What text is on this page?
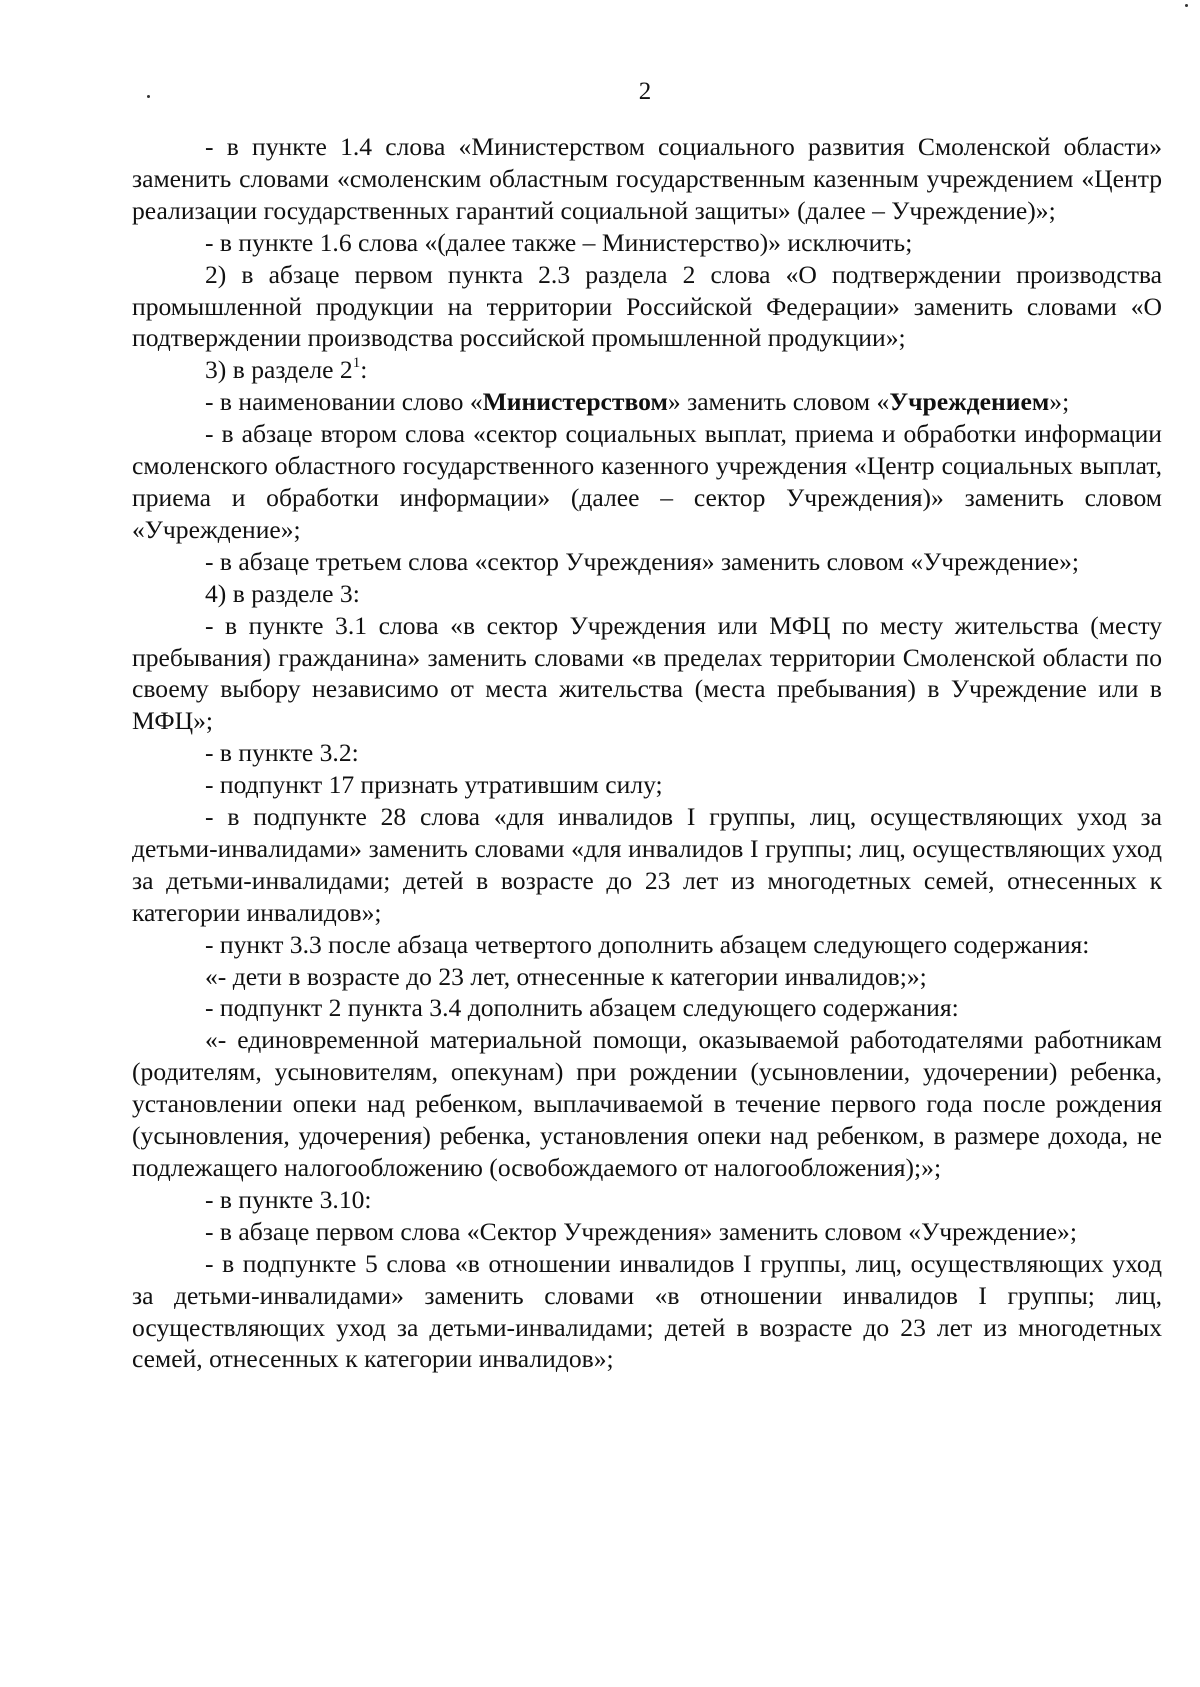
2

- в пункте 1.4 слова «Министерством социального развития Смоленской области» заменить словами «смоленским областным государственным казенным учреждением «Центр реализации государственных гарантий социальной защиты» (далее – Учреждение)»;

- в пункте 1.6 слова «(далее также – Министерство)» исключить;

2) в абзаце первом пункта 2.3 раздела 2 слова «О подтверждении производства промышленной продукции на территории Российской Федерации» заменить словами «О подтверждении производства российской промышленной продукции»;

3) в разделе $2^1$:

- в наименовании слово «Министерством» заменить словом «Учреждением»;

- в абзаце втором слова «сектор социальных выплат, приема и обработки информации смоленского областного государственного казенного учреждения «Центр социальных выплат, приема и обработки информации» (далее – сектор Учреждения)» заменить словом «Учреждение»;

- в абзаце третьем слова «сектор Учреждения» заменить словом «Учреждение»;

4) в разделе 3:

- в пункте 3.1 слова «в сектор Учреждения или МФЦ по месту жительства (месту пребывания) гражданина» заменить словами «в пределах территории Смоленской области по своему выбору независимо от места жительства (места пребывания) в Учреждение или в МФЦ»;

- в пункте 3.2:

- подпункт 17 признать утратившим силу;

- в подпункте 28 слова «для инвалидов I группы, лиц, осуществляющих уход за детьми-инвалидами» заменить словами «для инвалидов I группы; лиц, осуществляющих уход за детьми-инвалидами; детей в возрасте до 23 лет из многодетных семей, отнесенных к категории инвалидов»;

- пункт 3.3 после абзаца четвертого дополнить абзацем следующего содержания:

«- дети в возрасте до 23 лет, отнесенные к категории инвалидов;»;

- подпункт 2 пункта 3.4 дополнить абзацем следующего содержания:

«- единовременной материальной помощи, оказываемой работодателями работникам (родителям, усыновителям, опекунам) при рождении (усыновлении, удочерении) ребенка, установлении опеки над ребенком, выплачиваемой в течение первого года после рождения (усыновления, удочерения) ребенка, установления опеки над ребенком, в размере дохода, не подлежащего налогообложению (освобождаемого от налогообложения);»;

- в пункте 3.10:

- в абзаце первом слова «Сектор Учреждения» заменить словом «Учреждение»;

- в подпункте 5 слова «в отношении инвалидов I группы, лиц, осуществляющих уход за детьми-инвалидами» заменить словами «в отношении инвалидов I группы; лиц, осуществляющих уход за детьми-инвалидами; детей в возрасте до 23 лет из многодетных семей, отнесенных к категории инвалидов»;
